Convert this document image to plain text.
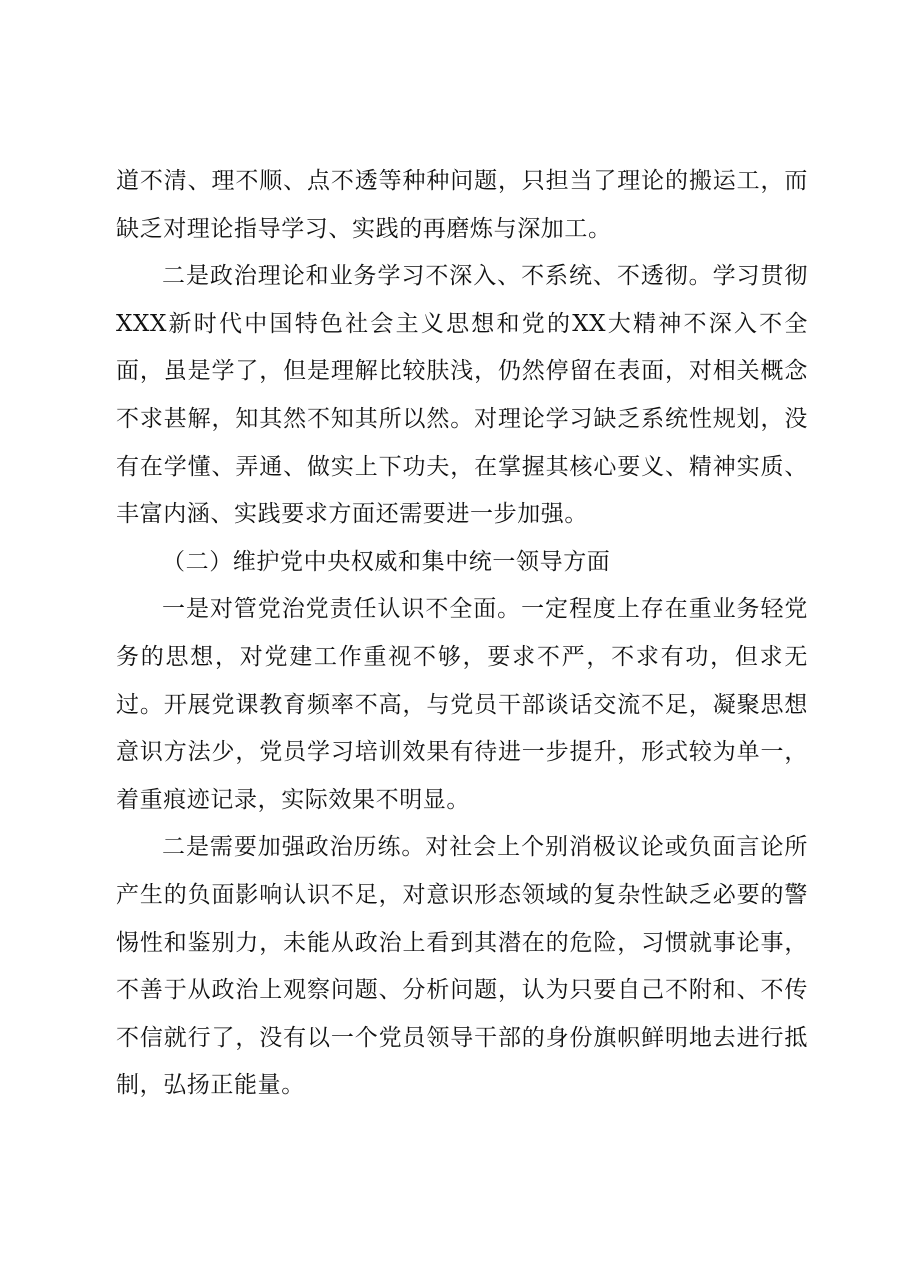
道不清、理不顺、点不透等种种问题，只担当了理论的搬运工，而缺乏对理论指导学习、实践的再磨炼与深加工。

二是政治理论和业务学习不深入、不系统、不透彻。学习贯彻XXX新时代中国特色社会主义思想和党的XX大精神不深入不全面，虽是学了，但是理解比较肤浅，仍然停留在表面，对相关概念不求甚解，知其然不知其所以然。对理论学习缺乏系统性规划，没有在学懂、弄通、做实上下功夫，在掌握其核心要义、精神实质、丰富内涵、实践要求方面还需要进一步加强。

（二）维护党中央权威和集中统一领导方面

一是对管党治党责任认识不全面。一定程度上存在重业务轻党务的思想，对党建工作重视不够，要求不严，不求有功，但求无过。开展党课教育频率不高，与党员干部谈话交流不足，凝聚思想意识方法少，党员学习培训效果有待进一步提升，形式较为单一，着重痕迹记录，实际效果不明显。

二是需要加强政治历练。对社会上个别消极议论或负面言论所产生的负面影响认识不足，对意识形态领域的复杂性缺乏必要的警惕性和鉴别力，未能从政治上看到其潜在的危险，习惯就事论事，不善于从政治上观察问题、分析问题，认为只要自己不附和、不传不信就行了，没有以一个党员领导干部的身份旗帜鲜明地去进行抵制，弘扬正能量。
